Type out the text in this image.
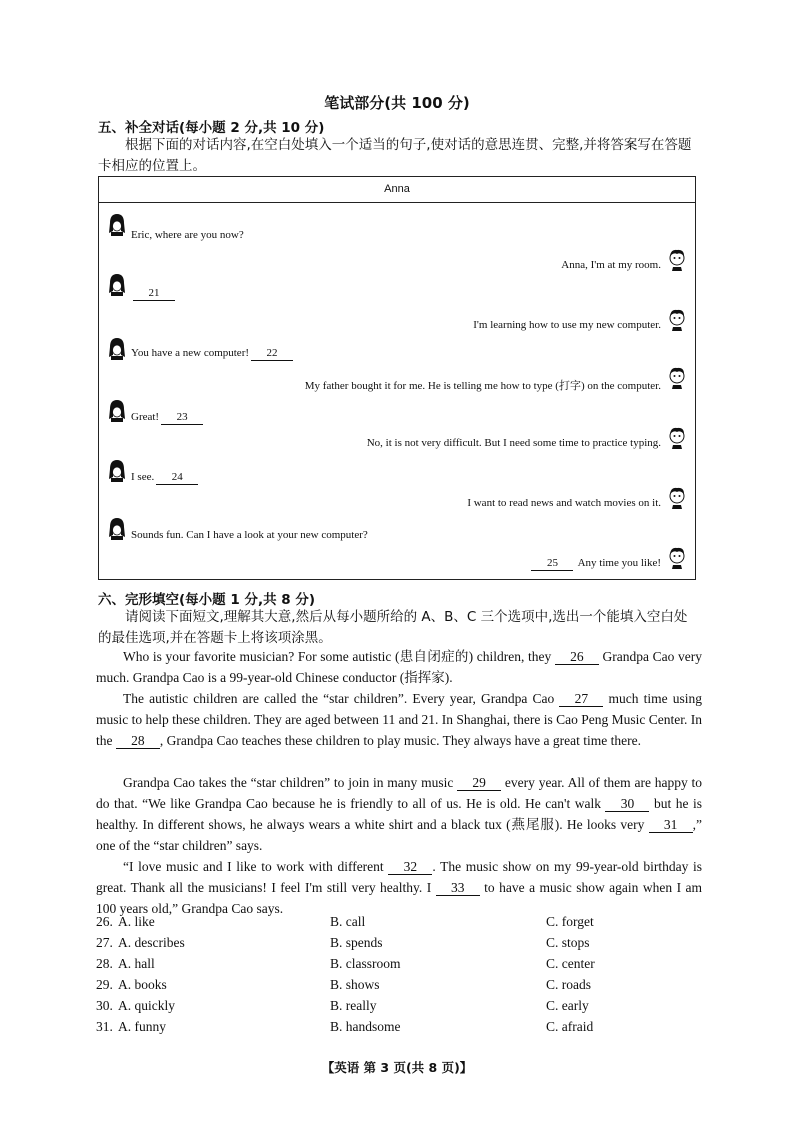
笔试部分(共 100 分)
五、补全对话(每小题 2 分,共 10 分)
根据下面的对话内容,在空白处填入一个适当的句子,使对话的意思连贯、完整,并将答案写在答题卡相应的位置上。
Anna
Eric, where are you now?
Anna, I'm at my room.
21
I'm learning how to use my new computer.
You have a new computer! 22
My father bought it for me. He is telling me how to type (打字) on the computer.
Great! 23
No, it is not very difficult. But I need some time to practice typing.
I see. 24
I want to read news and watch movies on it.
Sounds fun. Can I have a look at your new computer?
25 Any time you like!
六、完形填空(每小题 1 分,共 8 分)
请阅读下面短文,理解其大意,然后从每小题所给的 A、B、C 三个选项中,选出一个能填入空白处的最佳选项,并在答题卡上将该项涂黑。
Who is your favorite musician? For some autistic (患自闭症的) children, they 26 Grandpa Cao very much. Grandpa Cao is a 99-year-old Chinese conductor (指挥家).
The autistic children are called the “star children”. Every year, Grandpa Cao 27 much time using music to help these children. They are aged between 11 and 21. In Shanghai, there is Cao Peng Music Center. In the 28 , Grandpa Cao teaches these children to play music. They always have a great time there.
Grandpa Cao takes the “star children” to join in many music 29 every year. All of them are happy to do that. “We like Grandpa Cao because he is friendly to all of us. He is old. He can't walk 30 but he is healthy. In different shows, he always wears a white shirt and a black tux (燕尾服). He looks very 31 ,” one of the “star children” says.
“I love music and I like to work with different 32 . The music show on my 99-year-old birthday is great. Thank all the musicians! I feel I'm still very healthy. I 33 to have a music show again when I am 100 years old,” Grandpa Cao says.
26. A. like	B. call	C. forget
27. A. describes	B. spends	C. stops
28. A. hall	B. classroom	C. center
29. A. books	B. shows	C. roads
30. A. quickly	B. really	C. early
31. A. funny	B. handsome	C. afraid
【英语 第 3 页(共 8 页)】
